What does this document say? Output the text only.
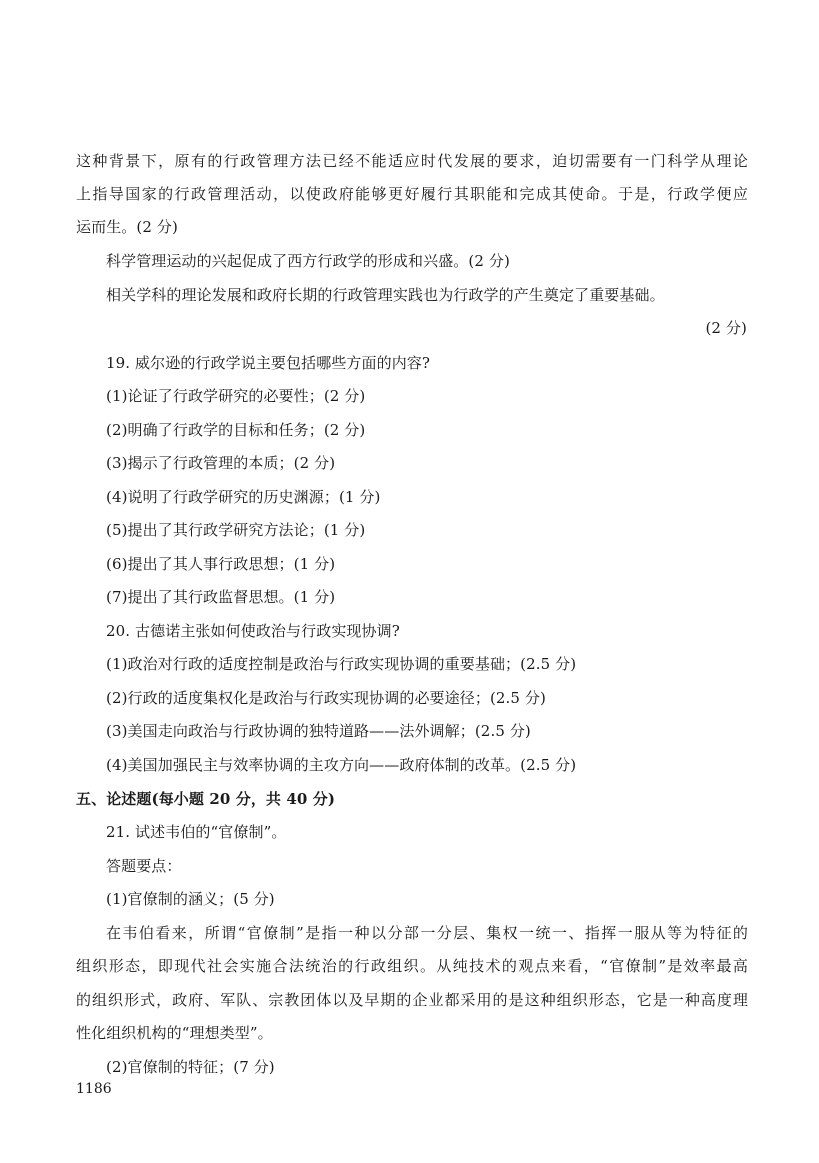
这种背景下，原有的行政管理方法已经不能适应时代发展的要求，迫切需要有一门科学从理论
上指导国家的行政管理活动，以使政府能够更好履行其职能和完成其使命。于是，行政学便应
运而生。(2 分)
科学管理运动的兴起促成了西方行政学的形成和兴盛。(2 分)
相关学科的理论发展和政府长期的行政管理实践也为行政学的产生奠定了重要基础。
(2 分)
19. 威尔逊的行政学说主要包括哪些方面的内容?
(1)论证了行政学研究的必要性；(2 分)
(2)明确了行政学的目标和任务；(2 分)
(3)揭示了行政管理的本质；(2 分)
(4)说明了行政学研究的历史渊源；(1 分)
(5)提出了其行政学研究方法论；(1 分)
(6)提出了其人事行政思想；(1 分)
(7)提出了其行政监督思想。(1 分)
20. 古德诺主张如何使政治与行政实现协调?
(1)政治对行政的适度控制是政治与行政实现协调的重要基础；(2.5 分)
(2)行政的适度集权化是政治与行政实现协调的必要途径；(2.5 分)
(3)美国走向政治与行政协调的独特道路——法外调解；(2.5 分)
(4)美国加强民主与效率协调的主攻方向——政府体制的改革。(2.5 分)
五、论述题(每小题 20 分，共 40 分)
21. 试述韦伯的“官僚制”。
答题要点：
(1)官僚制的涵义；(5 分)
在韦伯看来，所谓“官僚制”是指一种以分部一分层、集权一统一、指挥一服从等为特征的
组织形态，即现代社会实施合法统治的行政组织。从纯技术的观点来看，“官僚制”是效率最高
的组织形式，政府、军队、宗教团体以及早期的企业都采用的是这种组织形态，它是一种高度理
性化组织机构的“理想类型”。
(2)官僚制的特征；(7 分)
1186
